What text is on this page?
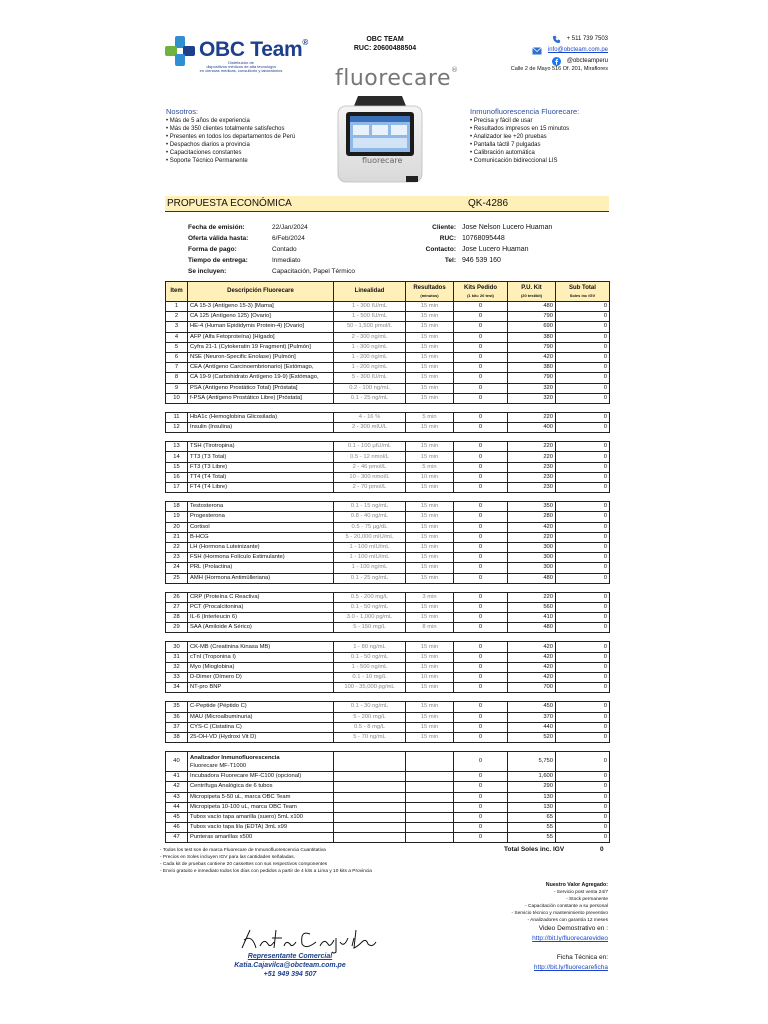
OBC Team®
Distribuidor de
dispositivos médicos de alta tecnología
en ciencias médicas, consultorio y laboratorios
OBC TEAM
RUC: 20600488504
fluorecare®
+ 511 739 7503
info@obcteam.com.pe
@obcteamperu
Calle 2 de Mayo 516 Of. 201, Miraflores
fluorecare
Nosotros:
• Más de 5 años de experiencia
• Más de 350 clientes totalmente satisfechos
• Presentes en todos los departamentos de Perú
• Despachos diarios a provincia
• Capacitaciones constantes
• Soporte Técnico Permanente
Inmunofluorescencia Fluorecare:
• Precisa y fácil de usar
• Resultados impresos en 15 minutos
• Analizador lee +20 pruebas
• Pantalla táctil 7 pulgadas
• Calibración automática
• Comunicación bidireccional LIS
PROPUESTA ECONÓMICA	QK-4286
Fecha de emisión:	22/Jan/2024
Oferta válida hasta:	6/Feb/2024
Forma de pago:	Contado
Tiempo de entrega:	Inmediato
Se incluyen:	Capacitación, Papel Térmico
Cliente: Jose Nelson Lucero Huaman
RUC: 10768095448
Contacto: Jose Lucero Huaman
Tel: 946 539 160
Item	Descripción Fluorecare	Linealidad	Resultados
(minutos)	Kits Pedido
(1 kit= 20 test)	P.U. Kit
(20 test/kit)	Sub Total
Soles inc IGV

1	CA 15-3 (Antígeno 15-3) [Mama]	1 - 300 IU/mL	15 min	0	480	0
2	CA 125 (Antígeno 125) [Ovario]	1 - 500 IU/mL	15 min	0	790	0
3	HE-4 (Human Epididymis Protein-4) [Ovario]	50 - 1,500 pmol/L	15 min	0	690	0
4	AFP (Alfa Fetoproteína) [Hígado]	2 - 300 ng/mL	15 min	0	380	0
5	Cyfra 21-1 (Cytokeratin 19 Fragment) [Pulmón]	1 - 300 ng/mL	15 min	0	790	0
6	NSE (Neuron-Specific Enolase) [Pulmón]	1 - 200 ng/mL	15 min	0	420	0
7	CEA (Antígeno Carcinoembrionario) [Estómago,	1 - 200 ng/mL	15 min	0	380	0
8	CA 19-9 (Carbohidrato Antígeno 19-9) [Estómago,	5 - 300 IU/mL	15 min	0	790	0
9	PSA (Antígeno Prostático Total) [Próstata]	0.2 - 100 ng/mL	15 min	0	320	0
10	f-PSA (Antígeno Prostático Libre) [Próstata]	0.1 - 25 ng/mL	15 min	0	320	0

11	HbA1c (Hemoglobina Glicosilada)	4 - 16 %	5 min	0	220	0
12	Insulin (Insulina)	2 - 300 mIU/L	15 min	0	400	0

13	TSH (Tirotropina)	0.1 - 100 μIU/mL	15 min	0	220	0
14	TT3 (T3 Total)	0.5 - 12 nmol/L	15 min	0	220	0
15	FT3 (T3 Libre)	2 - 46 pmol/L	5 min	0	230	0
16	TT4 (T4 Total)	10 - 300 nmol/L	10 min	0	230	0
17	FT4 (T4 Libre)	2 - 70 pmol/L	15 min	0	230	0

18	Testosterona	0.1 - 15 ng/mL	15 min	0	350	0
19	Progesterona	0.8 - 40 ng/mL	15 min	0	280	0
20	Cortisol	0.5 - 75 μg/dL	15 min	0	420	0
21	B-HCG	5 - 20,000 mIU/mL	15 min	0	220	0
22	LH (Hormona Luteinizante)	1 - 100 mIU/mL	15 min	0	300	0
23	FSH (Hormona Folículo Estimulante)	1 - 100 mIU/mL	15 min	0	300	0
24	PRL (Prolactina)	1 - 100 ng/mL	15 min	0	300	0
25	AMH (Hormona Antimülleriana)	0.1 - 25 ng/mL	15 min	0	480	0

26	CRP (Proteína C Reactiva)	0.5 - 200 mg/L	3 min	0	220	0
27	PCT (Procalcitonina)	0.1 - 50 ng/mL	15 min	0	560	0
28	IL-6 (Interleucin 6)	3.0 - 1,000 pg/mL	15 min	0	410	0
29	SAA (Amiloide A Sérico)	5 - 150 mg/L	8 min	0	480	0

30	CK-MB (Creatinina Kinasa MB)	1 - 80 ng/mL	15 min	0	420	0
31	cTnI (Troponina I)	0.1 - 50 ng/mL	15 min	0	420	0
32	Myo (Mioglobina)	1 - 500 ng/mL	15 min	0	420	0
33	D-Dimer (Dímero D)	0.1 - 10 mg/L	10 min	0	420	0
34	NT-pro BNP	100 - 35,000 pg/mL	15 min	0	700	0

35	C-Peptide (Péptido C)	0.1 - 30 ng/mL	15 min	0	450	0
36	MAU (Microalbuminuria)	5 - 200 mg/L	15 min	0	370	0
37	CYS-C (Cistatina C)	0.5 - 8 mg/L	15 min	0	440	0
38	25-OH-VD (Hydroxi Vit D)	5 - 70 ng/mL	15 min	0	520	0

40	Analizador Inmunofluorescencia
Fluorecare MF-T1000			0	5,750	0
41	Incubadora Fluorecare MF-C100 (opcional)			0	1,600	0
42	Centrífuga Analógica de 6 tubos			0	290	0
43	Micropipeta 5-50 uL, marca OBC Team			0	130	0
44	Micropipeta 10-100 uL, marca OBC Team			0	130	0
45	Tubos vacío tapa amarilla (suero) 5mL x100			0	65	0
46	Tubos vacío tapa lila (EDTA) 3mL x99			0	55	0
47	Punteras amarillas x500			0	55	0
Total Soles inc. IGV	0
- Todos los test son de marca Fluorecare de Inmunofluorescencia Cuantitativa
- Precios en Soles incluyen IGV para las cantidades señaladas.
- Cada kit de pruebas contiene 20 cassettes con sus respectivos componentes
- Envío gratuito e inmediato todos los días con pedidos a partir de 4 kits a Lima y 10 kits a Provincia
Nuestro Valor Agregado:
- Servicio post venta 24/7
- Stock permanente
- Capacitación constante a su personal
- Servicio técnico y mantenimiento preventivo
- Analizadores con garantía 12 meses
Video Demostrativo en :
http://bit.ly/fluorecarevideo
Ficha Técnica en:
http://bit.ly/fluorecareficha
Representante Comercial
Katia.Cajavilca@obcteam.com.pe
+51 949 394 507
